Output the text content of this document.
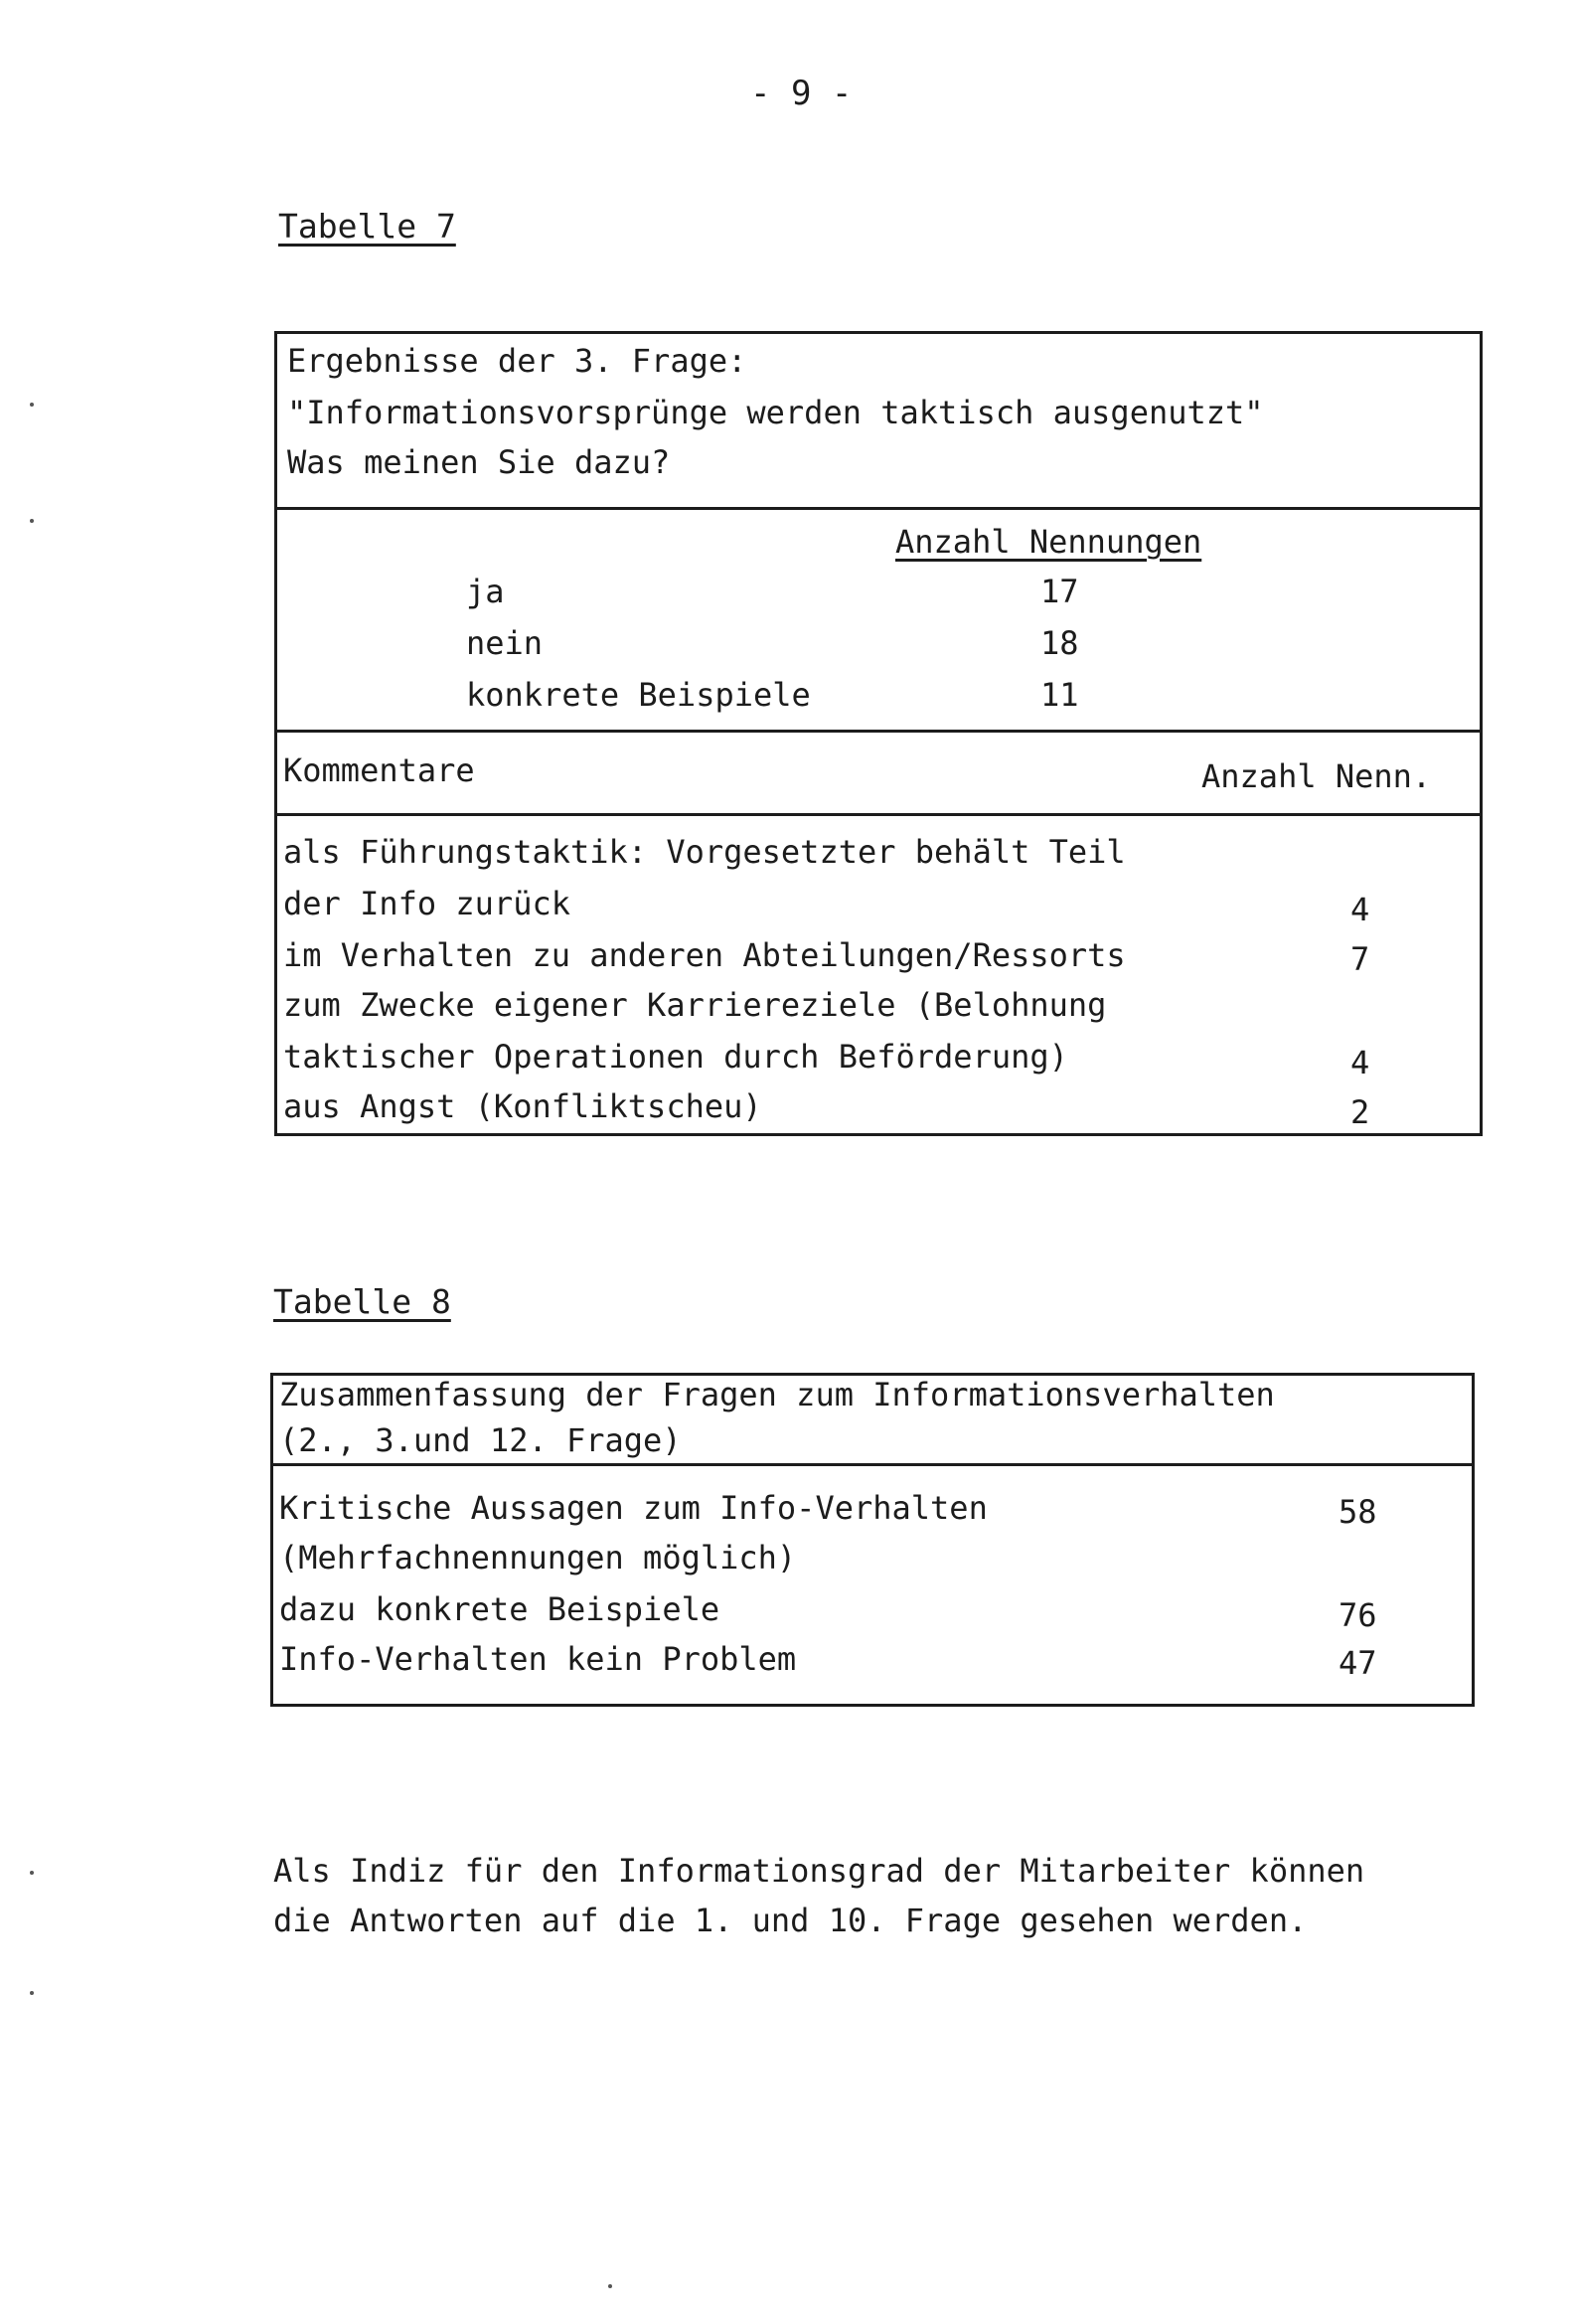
- 9 -
Tabelle 7
Ergebnisse der 3. Frage:
"Informationsvorsprünge werden taktisch ausgenutzt"
Was meinen Sie dazu?
Anzahl Nennungen
ja	17
nein	18
konkrete Beispiele	11
Kommentare	Anzahl Nenn.
als Führungstaktik: Vorgesetzter behält Teil
der Info zurück	4
im Verhalten zu anderen Abteilungen/Ressorts	7
zum Zwecke eigener Karriereziele (Belohnung
taktischer Operationen durch Beförderung)	4
aus Angst (Konfliktscheu)	2
Tabelle 8
Zusammenfassung der Fragen zum Informationsverhalten
(2., 3.und 12. Frage)
Kritische Aussagen zum Info-Verhalten
(Mehrfachnennungen möglich)
58
dazu konkrete Beispiele	76
Info-Verhalten kein Problem	47

Als Indiz für den Informationsgrad der Mitarbeiter können

die Antworten auf die 1. und 10. Frage gesehen werden.
